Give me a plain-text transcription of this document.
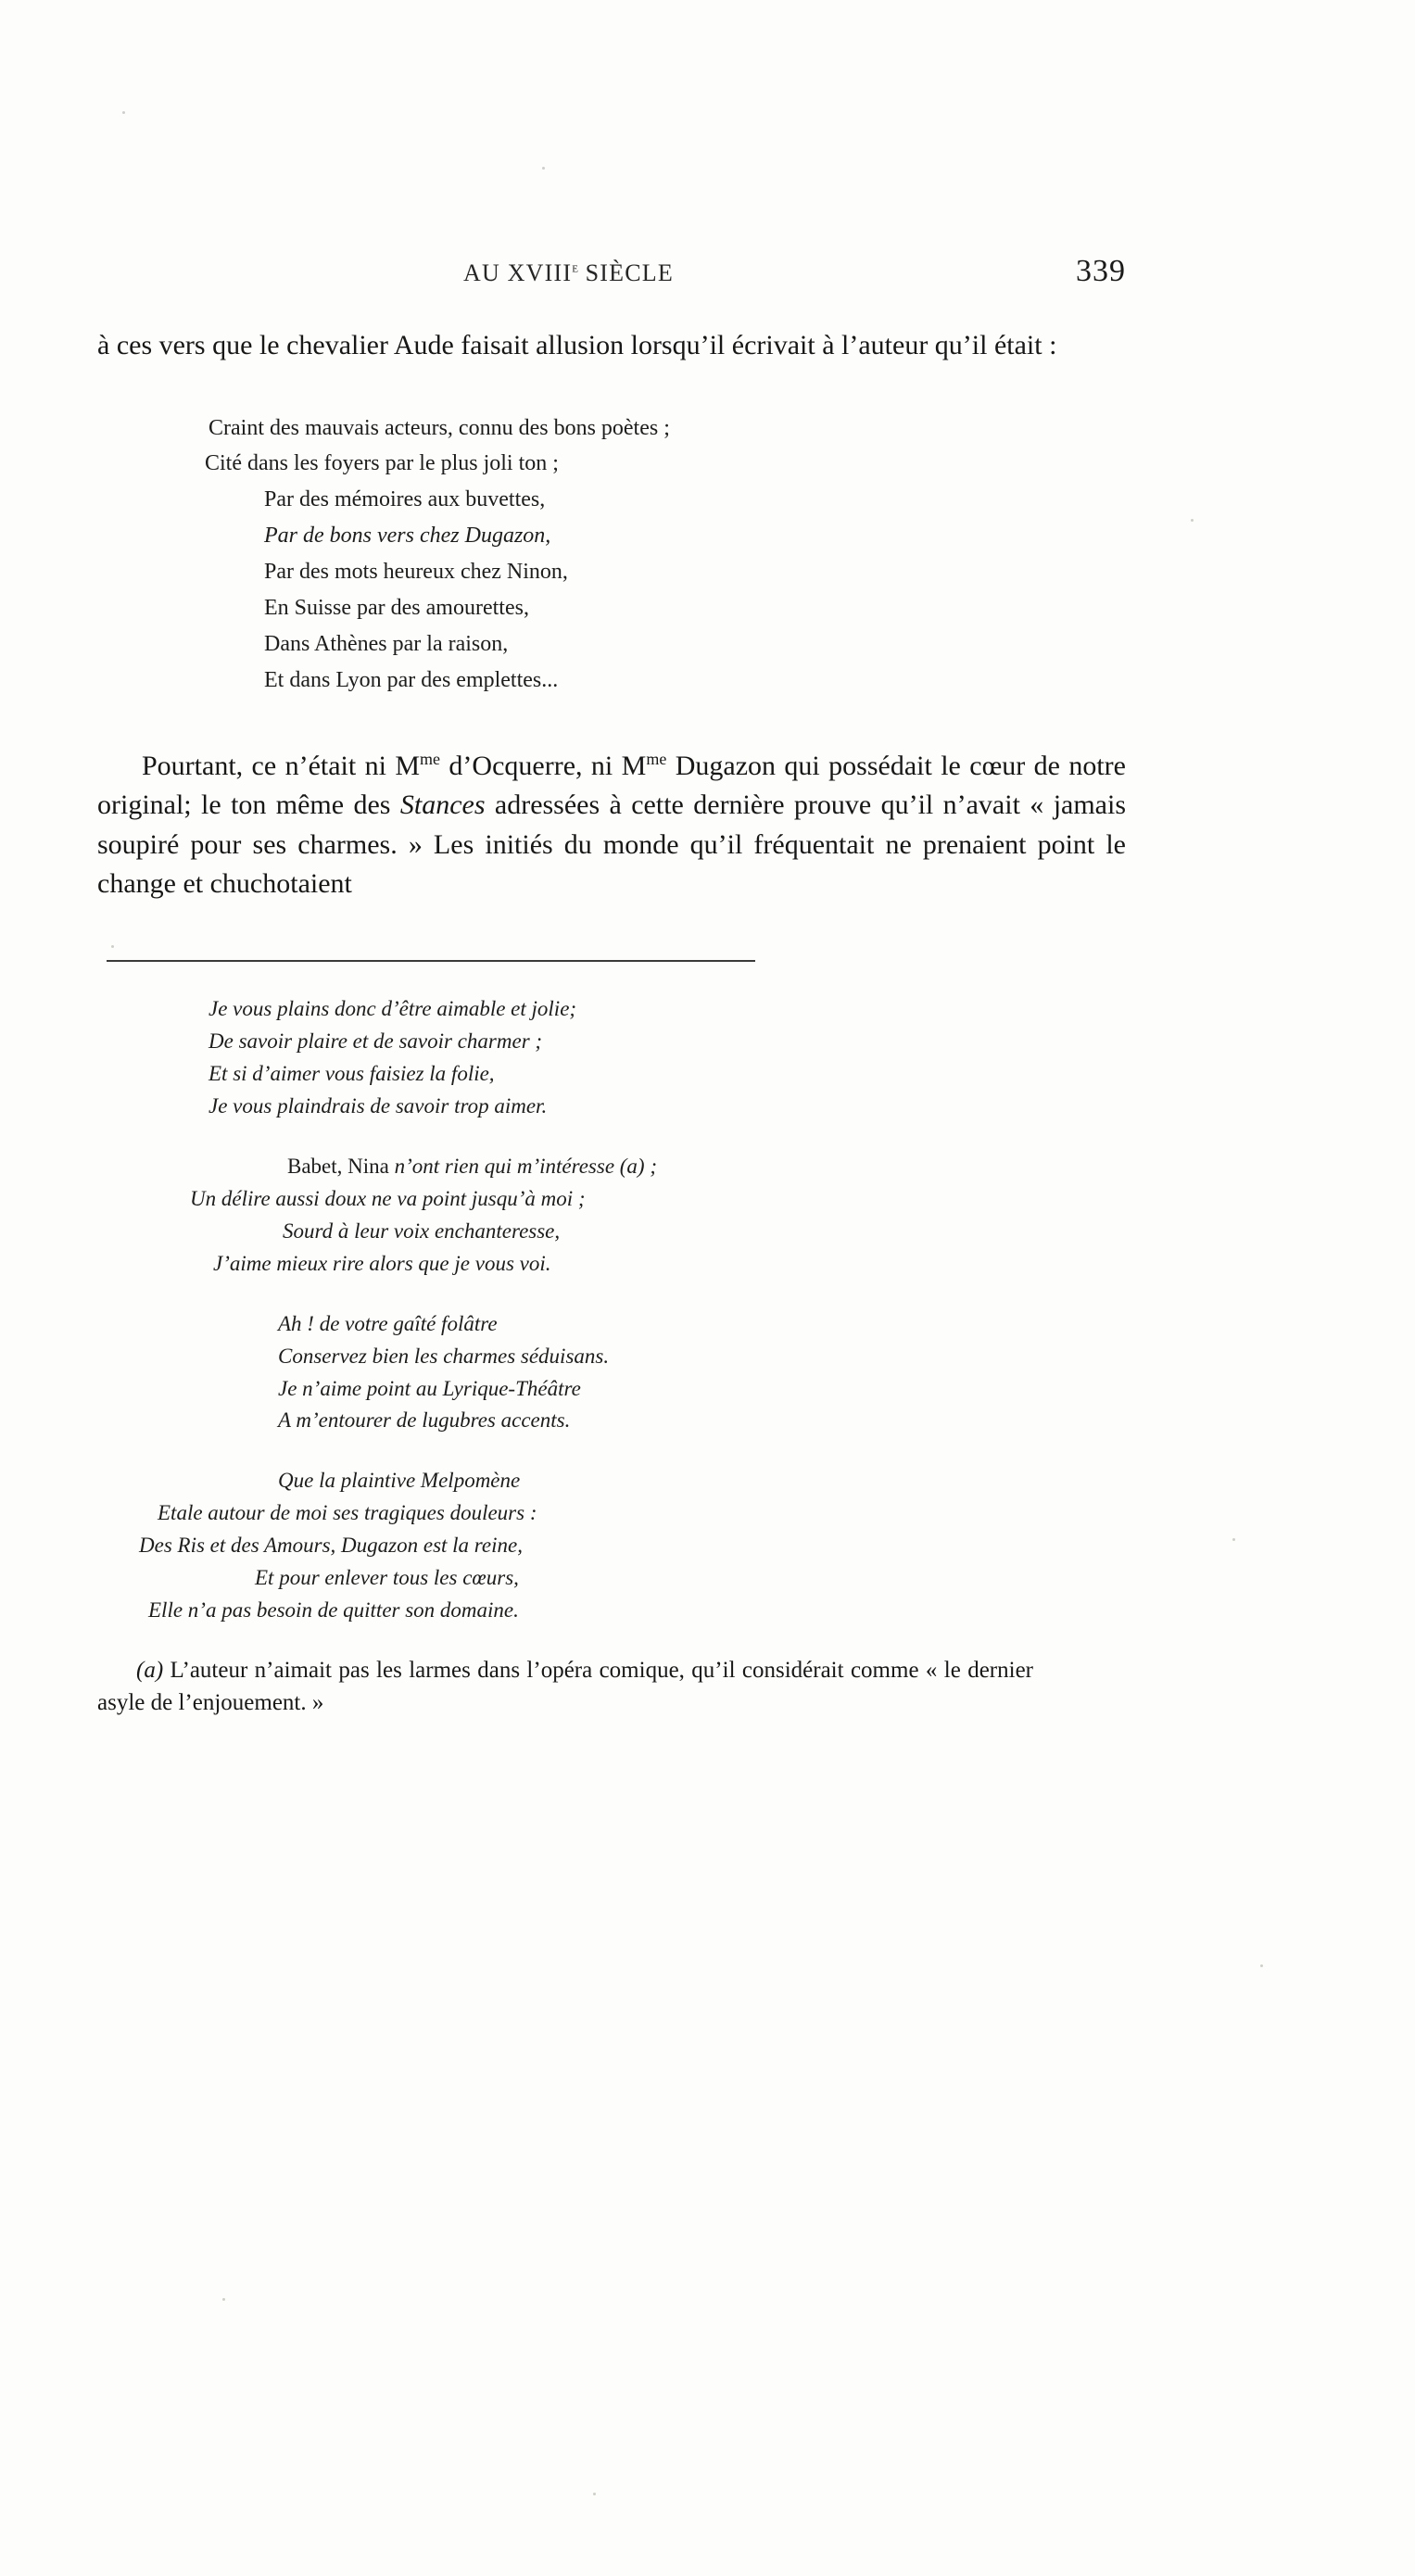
AU XVIIIe SIÈCLE	339

à ces vers que le chevalier Aude faisait allusion lorsqu’il écrivait à l’auteur qu’il était :

Craint des mauvais acteurs, connu des bons poètes ;
Cité dans les foyers par le plus joli ton ;
Par des mémoires aux buvettes,
Par de bons vers chez Dugazon,
Par des mots heureux chez Ninon,
En Suisse par des amourettes,
Dans Athènes par la raison,
Et dans Lyon par des emplettes...

Pourtant, ce n’était ni $M^{me}$ d’Ocquerre, ni $M^{me}$ Dugazon qui possédait le cœur de notre original; le ton même des Stances adressées à cette dernière prouve qu’il n’avait « jamais soupiré pour ses charmes. » Les initiés du monde qu’il fréquentait ne prenaient point le change et chuchotaient

Je vous plains donc d’être aimable et jolie;
De savoir plaire et de savoir charmer ;
Et si d’aimer vous faisiez la folie,
Je vous plaindrais de savoir trop aimer.
Babet, Nina n’ont rien qui m’intéresse (a) ;
Un délire aussi doux ne va point jusqu’à moi ;
Sourd à leur voix enchanteresse,
J’aime mieux rire alors que je vous voi.
Ah ! de votre gaîté folâtre
Conservez bien les charmes séduisans.
Je n’aime point au Lyrique-Théâtre
A m’entourer de lugubres accents.
Que la plaintive Melpomène
Etale autour de moi ses tragiques douleurs :
Des Ris et des Amours, Dugazon est la reine,
Et pour enlever tous les cœurs,
Elle n’a pas besoin de quitter son domaine.

(a) L’auteur n’aimait pas les larmes dans l’opéra comique, qu’il considérait comme « le dernier asyle de l’enjouement. »
